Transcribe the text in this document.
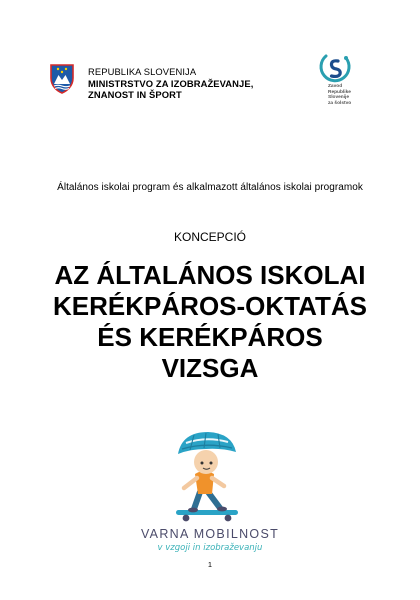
REPUBLIKA SLOVENIJA
MINISTRSTVO ZA IZOBRAŽEVANJE,
ZNANOST IN ŠPORT
Zavod
Republike
Slovenije
za šolstvo
Általános iskolai program és alkalmazott általános iskolai programok
KONCEPCIÓ
AZ ÁLTALÁNOS ISKOLAI
KERÉKPÁROS-OKTATÁS
ÉS KERÉKPÁROS
VIZSGA
VARNA MOBILNOST
v vzgoji in izobraževanju
1
